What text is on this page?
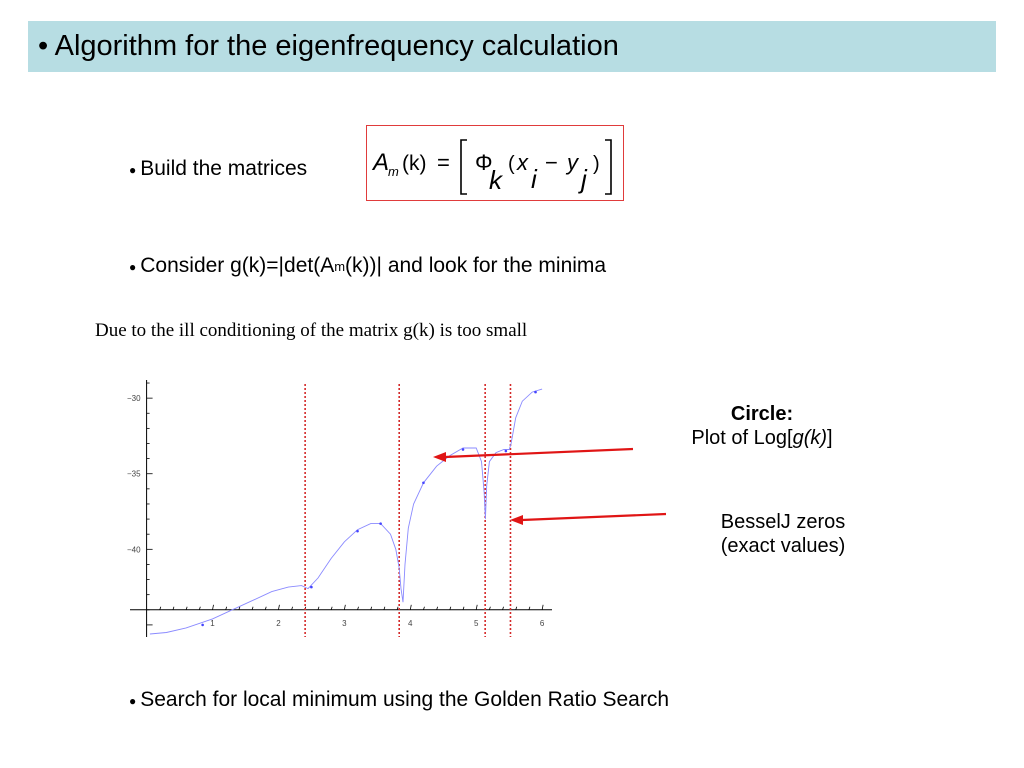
• Algorithm for the eigenfrequency calculation
● Build the matrices	A
m (k) = Φ
k
( x
i
− y
j )
● Consider g(k)=|det(A m (k))| and look for the minima
Due to the ill conditioning of the matrix g(k) is too small
1	2	3	4	5	6
−30
−35
−40
Circle:
Plot of Log[g(k)]
BesselJ zeros
(exact values)
● Search for local minimum using the Golden Ratio Search
